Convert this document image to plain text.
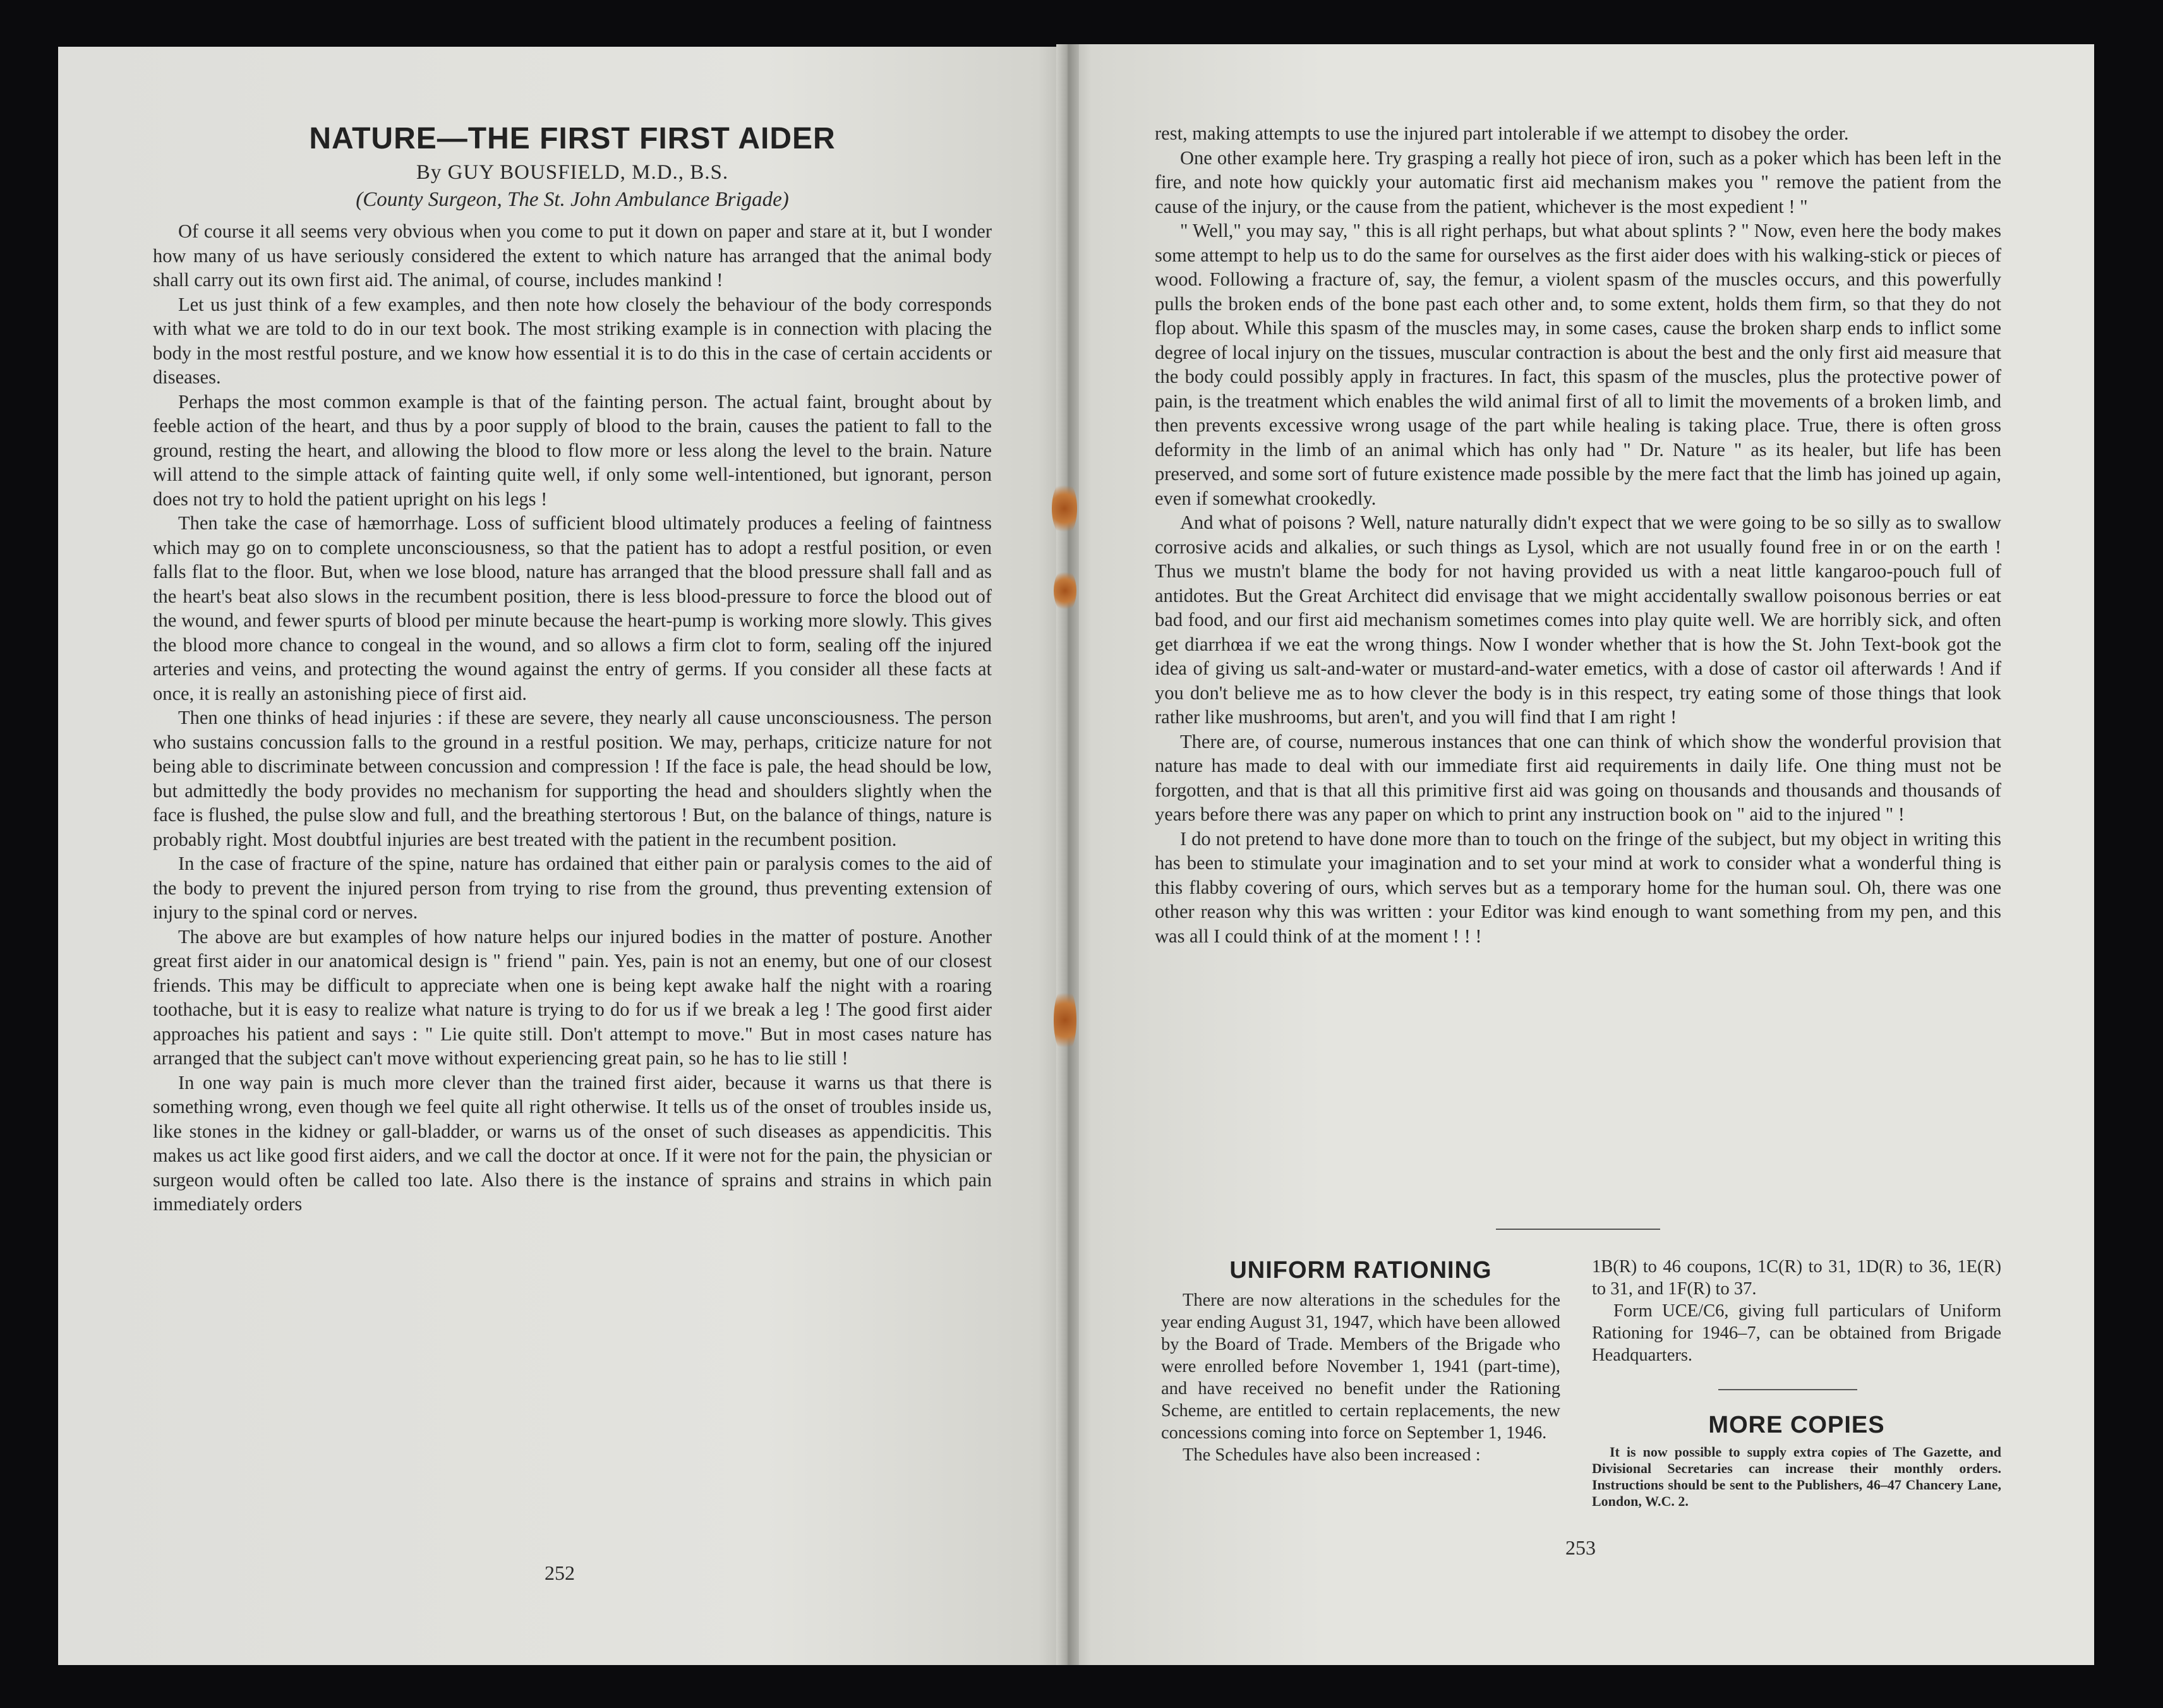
NATURE—THE FIRST FIRST AIDER
By GUY BOUSFIELD, M.D., B.S.
(County Surgeon, The St. John Ambulance Brigade)

Of course it all seems very obvious when you come to put it down on paper and stare at it, but I wonder how many of us have seriously considered the extent to which nature has arranged that the animal body shall carry out its own first aid. The animal, of course, includes mankind !

Let us just think of a few examples, and then note how closely the behaviour of the body corresponds with what we are told to do in our text book. The most striking example is in connection with placing the body in the most restful posture, and we know how essential it is to do this in the case of certain accidents or diseases.

Perhaps the most common example is that of the fainting person. The actual faint, brought about by feeble action of the heart, and thus by a poor supply of blood to the brain, causes the patient to fall to the ground, resting the heart, and allowing the blood to flow more or less along the level to the brain. Nature will attend to the simple attack of fainting quite well, if only some well-intentioned, but ignorant, person does not try to hold the patient upright on his legs !

Then take the case of hæmorrhage. Loss of sufficient blood ultimately produces a feeling of faintness which may go on to complete unconsciousness, so that the patient has to adopt a restful position, or even falls flat to the floor. But, when we lose blood, nature has arranged that the blood pressure shall fall and as the heart's beat also slows in the recumbent position, there is less blood-pressure to force the blood out of the wound, and fewer spurts of blood per minute because the heart-pump is working more slowly. This gives the blood more chance to congeal in the wound, and so allows a firm clot to form, sealing off the injured arteries and veins, and protecting the wound against the entry of germs. If you consider all these facts at once, it is really an astonishing piece of first aid.

Then one thinks of head injuries : if these are severe, they nearly all cause unconsciousness. The person who sustains concussion falls to the ground in a restful position. We may, perhaps, criticize nature for not being able to discriminate between concussion and compression ! If the face is pale, the head should be low, but admittedly the body provides no mechanism for supporting the head and shoulders slightly when the face is flushed, the pulse slow and full, and the breathing stertorous ! But, on the balance of things, nature is probably right. Most doubtful injuries are best treated with the patient in the recumbent position.

In the case of fracture of the spine, nature has ordained that either pain or paralysis comes to the aid of the body to prevent the injured person from trying to rise from the ground, thus preventing extension of injury to the spinal cord or nerves.

The above are but examples of how nature helps our injured bodies in the matter of posture. Another great first aider in our anatomical design is " friend " pain. Yes, pain is not an enemy, but one of our closest friends. This may be difficult to appreciate when one is being kept awake half the night with a roaring toothache, but it is easy to realize what nature is trying to do for us if we break a leg ! The good first aider approaches his patient and says : " Lie quite still. Don't attempt to move." But in most cases nature has arranged that the subject can't move without experiencing great pain, so he has to lie still !

In one way pain is much more clever than the trained first aider, because it warns us that there is something wrong, even though we feel quite all right otherwise. It tells us of the onset of troubles inside us, like stones in the kidney or gall-bladder, or warns us of the onset of such diseases as appendicitis. This makes us act like good first aiders, and we call the doctor at once. If it were not for the pain, the physician or surgeon would often be called too late. Also there is the instance of sprains and strains in which pain immediately orders

252

rest, making attempts to use the injured part intolerable if we attempt to disobey the order.

One other example here. Try grasping a really hot piece of iron, such as a poker which has been left in the fire, and note how quickly your automatic first aid mechanism makes you " remove the patient from the cause of the injury, or the cause from the patient, whichever is the most expedient ! "

" Well," you may say, " this is all right perhaps, but what about splints ? " Now, even here the body makes some attempt to help us to do the same for ourselves as the first aider does with his walking-stick or pieces of wood. Following a fracture of, say, the femur, a violent spasm of the muscles occurs, and this powerfully pulls the broken ends of the bone past each other and, to some extent, holds them firm, so that they do not flop about. While this spasm of the muscles may, in some cases, cause the broken sharp ends to inflict some degree of local injury on the tissues, muscular contraction is about the best and the only first aid measure that the body could possibly apply in fractures. In fact, this spasm of the muscles, plus the protective power of pain, is the treatment which enables the wild animal first of all to limit the movements of a broken limb, and then prevents excessive wrong usage of the part while healing is taking place. True, there is often gross deformity in the limb of an animal which has only had " Dr. Nature " as its healer, but life has been preserved, and some sort of future existence made possible by the mere fact that the limb has joined up again, even if somewhat crookedly.

And what of poisons ? Well, nature naturally didn't expect that we were going to be so silly as to swallow corrosive acids and alkalies, or such things as Lysol, which are not usually found free in or on the earth ! Thus we mustn't blame the body for not having provided us with a neat little kangaroo-pouch full of antidotes. But the Great Architect did envisage that we might accidentally swallow poisonous berries or eat bad food, and our first aid mechanism sometimes comes into play quite well. We are horribly sick, and often get diarrhœa if we eat the wrong things. Now I wonder whether that is how the St. John Text-book got the idea of giving us salt-and-water or mustard-and-water emetics, with a dose of castor oil afterwards ! And if you don't believe me as to how clever the body is in this respect, try eating some of those things that look rather like mushrooms, but aren't, and you will find that I am right !

There are, of course, numerous instances that one can think of which show the wonderful provision that nature has made to deal with our immediate first aid requirements in daily life. One thing must not be forgotten, and that is that all this primitive first aid was going on thousands and thousands and thousands of years before there was any paper on which to print any instruction book on " aid to the injured " !

I do not pretend to have done more than to touch on the fringe of the subject, but my object in writing this has been to stimulate your imagination and to set your mind at work to consider what a wonderful thing is this flabby covering of ours, which serves but as a temporary home for the human soul. Oh, there was one other reason why this was written : your Editor was kind enough to want something from my pen, and this was all I could think of at the moment ! ! !

UNIFORM RATIONING

There are now alterations in the schedules for the year ending August 31, 1947, which have been allowed by the Board of Trade. Members of the Brigade who were enrolled before November 1, 1941 (part-time), and have received no benefit under the Rationing Scheme, are entitled to certain replacements, the new concessions coming into force on September 1, 1946.

The Schedules have also been increased :

1B(R) to 46 coupons, 1C(R) to 31, 1D(R) to 36, 1E(R) to 31, and 1F(R) to 37.

Form UCE/C6, giving full particulars of Uniform Rationing for 1946–7, can be obtained from Brigade Headquarters.

MORE COPIES

It is now possible to supply extra copies of The Gazette, and Divisional Secretaries can increase their monthly orders. Instructions should be sent to the Publishers, 46–47 Chancery Lane, London, W.C. 2.

253
